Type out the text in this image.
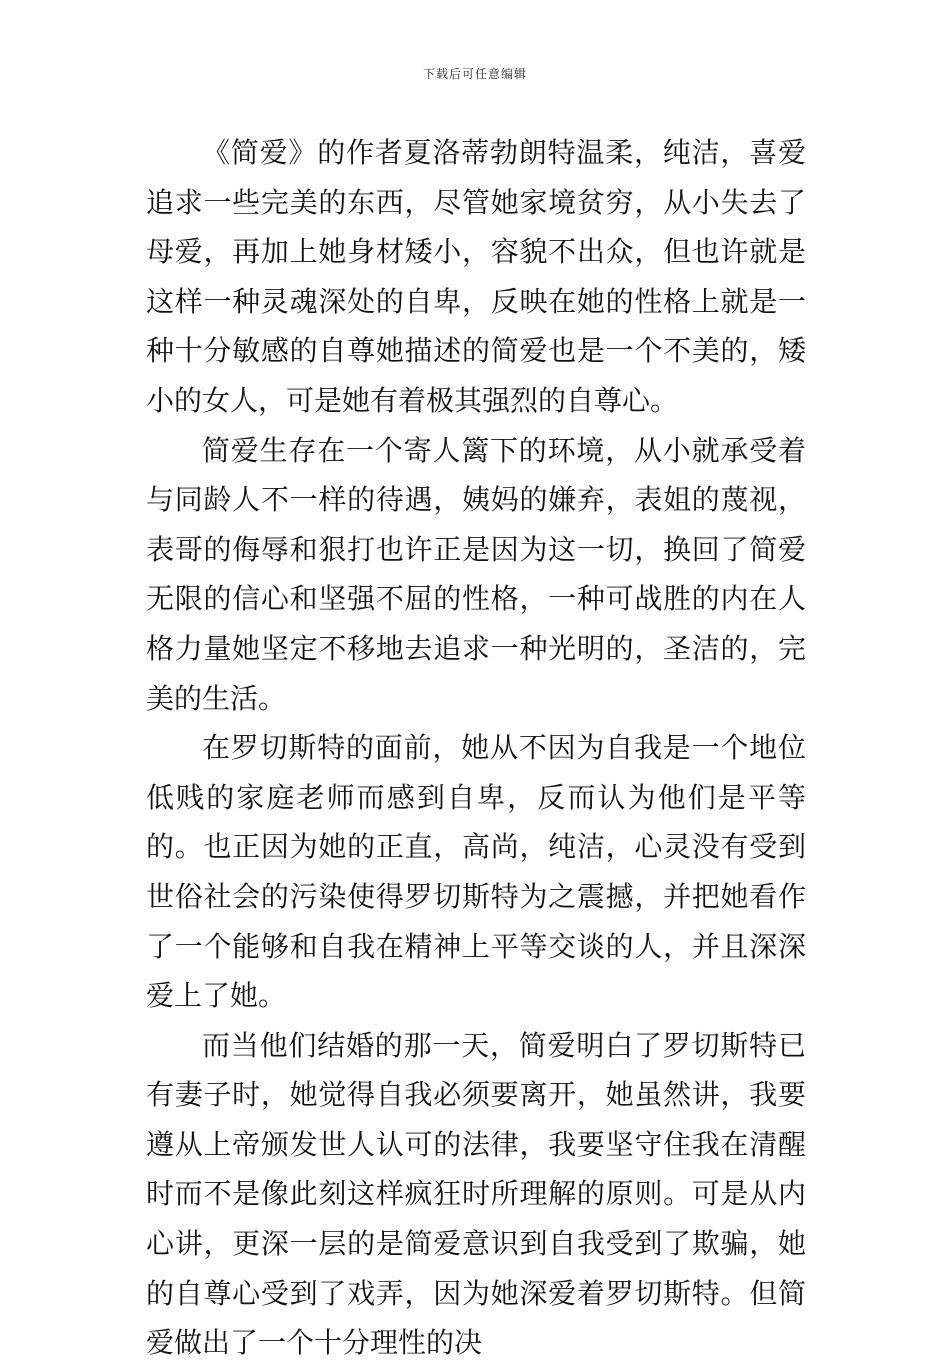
下载后可任意编辑

《简爱》的作者夏洛蒂勃朗特温柔，纯洁，喜爱追求一些完美的东西，尽管她家境贫穷，从小失去了母爱，再加上她身材矮小，容貌不出众，但也许就是这样一种灵魂深处的自卑，反映在她的性格上就是一种十分敏感的自尊她描述的简爱也是一个不美的，矮小的女人，可是她有着极其强烈的自尊心。

简爱生存在一个寄人篱下的环境，从小就承受着与同龄人不一样的待遇，姨妈的嫌弃，表姐的蔑视，表哥的侮辱和狠打也许正是因为这一切，换回了简爱无限的信心和坚强不屈的性格，一种可战胜的内在人格力量她坚定不移地去追求一种光明的，圣洁的，完美的生活。

在罗切斯特的面前，她从不因为自我是一个地位低贱的家庭老师而感到自卑，反而认为他们是平等的。也正因为她的正直，高尚，纯洁，心灵没有受到世俗社会的污染使得罗切斯特为之震撼，并把她看作了一个能够和自我在精神上平等交谈的人，并且深深爱上了她。

而当他们结婚的那一天，简爱明白了罗切斯特已有妻子时，她觉得自我必须要离开，她虽然讲，我要遵从上帝颁发世人认可的法律，我要坚守住我在清醒时而不是像此刻这样疯狂时所理解的原则。可是从内心讲，更深一层的是简爱意识到自我受到了欺骗，她的自尊心受到了戏弄，因为她深爱着罗切斯特。但简爱做出了一个十分理性的决
